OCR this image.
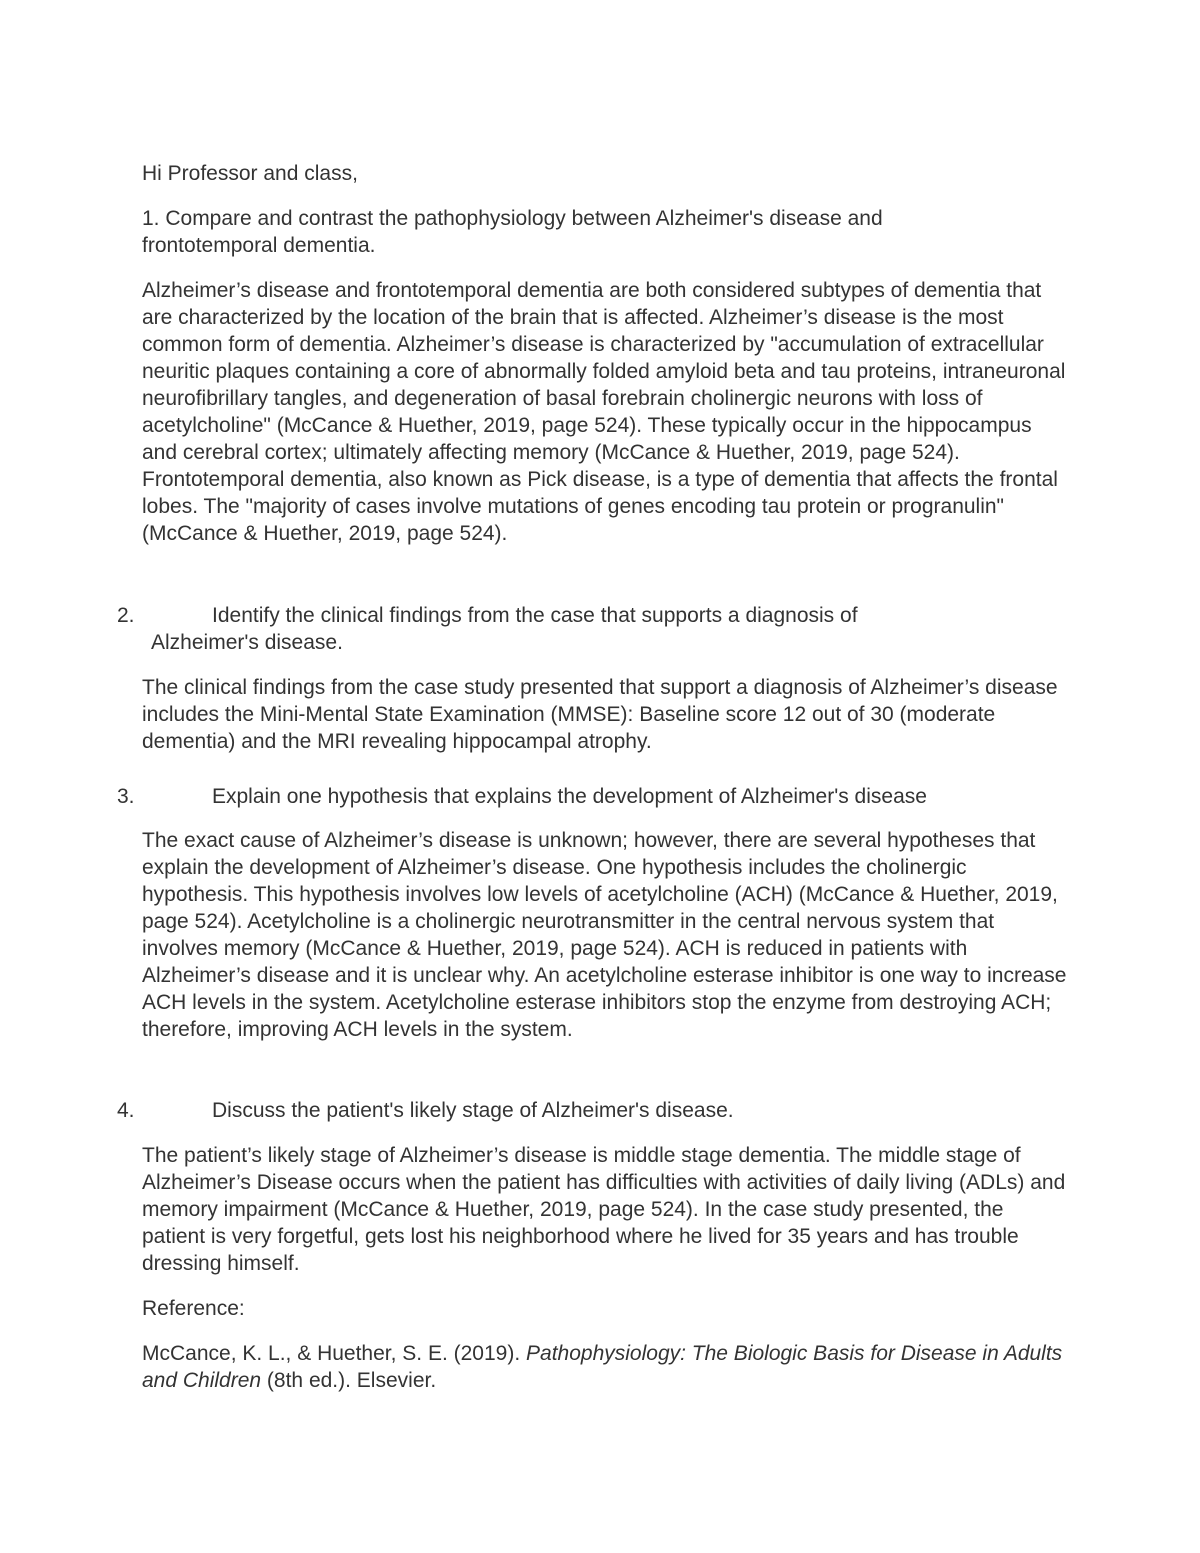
Hi Professor and class,

1. Compare and contrast the pathophysiology between Alzheimer's disease and
frontotemporal dementia.

Alzheimer’s disease and frontotemporal dementia are both considered subtypes of dementia that are characterized by the location of the brain that is affected. Alzheimer’s disease is the most common form of dementia. Alzheimer’s disease is characterized by "accumulation of extracellular neuritic plaques containing a core of abnormally folded amyloid beta and tau proteins, intraneuronal neurofibrillary tangles, and degeneration of basal forebrain cholinergic neurons with loss of acetylcholine" (McCance & Huether, 2019, page 524). These typically occur in the hippocampus and cerebral cortex; ultimately affecting memory (McCance & Huether, 2019, page 524). Frontotemporal dementia, also known as Pick disease, is a type of dementia that affects the frontal lobes. The "majority of cases involve mutations of genes encoding tau protein or progranulin" (McCance & Huether, 2019, page 524).

2.	Identify the clinical findings from the case that supports a diagnosis of
Alzheimer's disease.

The clinical findings from the case study presented that support a diagnosis of Alzheimer’s disease includes the Mini-Mental State Examination (MMSE): Baseline score 12 out of 30 (moderate dementia) and the MRI revealing hippocampal atrophy.

3.	Explain one hypothesis that explains the development of Alzheimer's disease

The exact cause of Alzheimer’s disease is unknown; however, there are several hypotheses that explain the development of Alzheimer’s disease. One hypothesis includes the cholinergic hypothesis. This hypothesis involves low levels of acetylcholine (ACH) (McCance & Huether, 2019, page 524). Acetylcholine is a cholinergic neurotransmitter in the central nervous system that involves memory (McCance & Huether, 2019, page 524). ACH is reduced in patients with Alzheimer’s disease and it is unclear why. An acetylcholine esterase inhibitor is one way to increase ACH levels in the system. Acetylcholine esterase inhibitors stop the enzyme from destroying ACH; therefore, improving ACH levels in the system.

4.	Discuss the patient's likely stage of Alzheimer's disease.

The patient’s likely stage of Alzheimer’s disease is middle stage dementia. The middle stage of Alzheimer’s Disease occurs when the patient has difficulties with activities of daily living (ADLs) and memory impairment (McCance & Huether, 2019, page 524). In the case study presented, the patient is very forgetful, gets lost his neighborhood where he lived for 35 years and has trouble dressing himself.

Reference:

McCance, K. L., & Huether, S. E. (2019). Pathophysiology: The Biologic Basis for Disease in Adults and Children (8th ed.). Elsevier.
